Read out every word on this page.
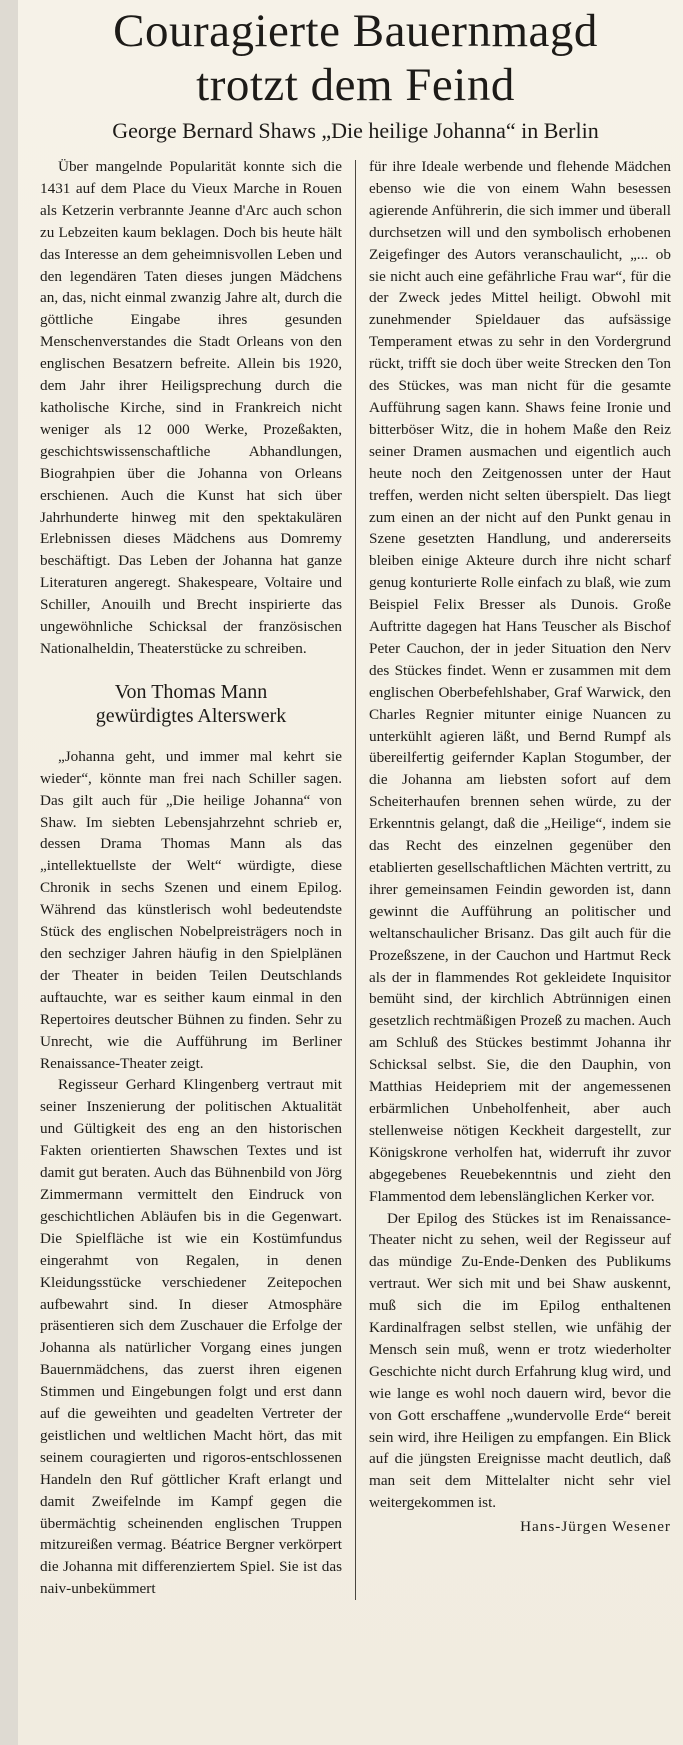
Couragierte Bauernmagd
trotzt dem Feind
George Bernard Shaws „Die heilige Johanna“ in Berlin

Über mangelnde Popularität konnte sich die 1431 auf dem Place du Vieux Marche in Rouen als Ketzerin verbrannte Jeanne d'Arc auch schon zu Lebzeiten kaum beklagen. Doch bis heute hält das Interesse an dem geheimnisvollen Leben und den legendären Taten dieses jungen Mädchens an, das, nicht einmal zwanzig Jahre alt, durch die göttliche Eingabe ihres gesunden Menschenverstandes die Stadt Orleans von den englischen Besatzern befreite. Allein bis 1920, dem Jahr ihrer Heiligsprechung durch die katholische Kirche, sind in Frankreich nicht weniger als 12 000 Werke, Prozeßakten, geschichtswissenschaftliche Abhandlungen, Biograhpien über die Johanna von Orleans erschienen. Auch die Kunst hat sich über Jahrhunderte hinweg mit den spektakulären Erlebnissen dieses Mädchens aus Domremy beschäftigt. Das Leben der Johanna hat ganze Literaturen angeregt. Shakespeare, Voltaire und Schiller, Anouilh und Brecht inspirierte das ungewöhnliche Schicksal der französischen Nationalheldin, Theaterstücke zu schreiben.

Von Thomas Mann
gewürdigtes Alterswerk

„Johanna geht, und immer mal kehrt sie wieder“, könnte man frei nach Schiller sagen. Das gilt auch für „Die heilige Johanna“ von Shaw. Im siebten Lebensjahrzehnt schrieb er, dessen Drama Thomas Mann als das „intellektuellste der Welt“ würdigte, diese Chronik in sechs Szenen und einem Epilog. Während das künstlerisch wohl bedeutendste Stück des englischen Nobelpreisträgers noch in den sechziger Jahren häufig in den Spielplänen der Theater in beiden Teilen Deutschlands auftauchte, war es seither kaum einmal in den Repertoires deutscher Bühnen zu finden. Sehr zu Unrecht, wie die Aufführung im Berliner Renaissance-Theater zeigt.

Regisseur Gerhard Klingenberg vertraut mit seiner Inszenierung der politischen Aktualität und Gültigkeit des eng an den historischen Fakten orientierten Shawschen Textes und ist damit gut beraten. Auch das Bühnenbild von Jörg Zimmermann vermittelt den Eindruck von geschichtlichen Abläufen bis in die Gegenwart. Die Spielfläche ist wie ein Kostümfundus eingerahmt von Regalen, in denen Kleidungsstücke verschiedener Zeitepochen aufbewahrt sind. In dieser Atmosphäre präsentieren sich dem Zuschauer die Erfolge der Johanna als natürlicher Vorgang eines jungen Bauernmädchens, das zuerst ihren eigenen Stimmen und Eingebungen folgt und erst dann auf die geweihten und geadelten Vertreter der geistlichen und weltlichen Macht hört, das mit seinem couragierten und rigoros-entschlossenen Handeln den Ruf göttlicher Kraft erlangt und damit Zweifelnde im Kampf gegen die übermächtig scheinenden englischen Truppen mitzureißen vermag. Béatrice Bergner verkörpert die Johanna mit differenziertem Spiel. Sie ist das naiv-unbekümmert

für ihre Ideale werbende und flehende Mädchen ebenso wie die von einem Wahn besessen agierende Anführerin, die sich immer und überall durchsetzen will und den symbolisch erhobenen Zeigefinger des Autors veranschaulicht, „... ob sie nicht auch eine gefährliche Frau war“, für die der Zweck jedes Mittel heiligt. Obwohl mit zunehmender Spieldauer das aufsässige Temperament etwas zu sehr in den Vordergrund rückt, trifft sie doch über weite Strecken den Ton des Stückes, was man nicht für die gesamte Aufführung sagen kann. Shaws feine Ironie und bitterböser Witz, die in hohem Maße den Reiz seiner Dramen ausmachen und eigentlich auch heute noch den Zeitgenossen unter der Haut treffen, werden nicht selten überspielt. Das liegt zum einen an der nicht auf den Punkt genau in Szene gesetzten Handlung, und andererseits bleiben einige Akteure durch ihre nicht scharf genug konturierte Rolle einfach zu blaß, wie zum Beispiel Felix Bresser als Dunois. Große Auftritte dagegen hat Hans Teuscher als Bischof Peter Cauchon, der in jeder Situation den Nerv des Stückes findet. Wenn er zusammen mit dem englischen Oberbefehlshaber, Graf Warwick, den Charles Regnier mitunter einige Nuancen zu unterkühlt agieren läßt, und Bernd Rumpf als übereilfertig geifernder Kaplan Stogumber, der die Johanna am liebsten sofort auf dem Scheiterhaufen brennen sehen würde, zu der Erkenntnis gelangt, daß die „Heilige“, indem sie das Recht des einzelnen gegenüber den etablierten gesellschaftlichen Mächten vertritt, zu ihrer gemeinsamen Feindin geworden ist, dann gewinnt die Aufführung an politischer und weltanschaulicher Brisanz. Das gilt auch für die Prozeßszene, in der Cauchon und Hartmut Reck als der in flammendes Rot gekleidete Inquisitor bemüht sind, der kirchlich Abtrünnigen einen gesetzlich rechtmäßigen Prozeß zu machen. Auch am Schluß des Stückes bestimmt Johanna ihr Schicksal selbst. Sie, die den Dauphin, von Matthias Heidepriem mit der angemessenen erbärmlichen Unbeholfenheit, aber auch stellenweise nötigen Keckheit dargestellt, zur Königskrone verholfen hat, widerruft ihr zuvor abgegebenes Reuebekenntnis und zieht den Flammentod dem lebenslänglichen Kerker vor.

Der Epilog des Stückes ist im Renaissance-Theater nicht zu sehen, weil der Regisseur auf das mündige Zu-Ende-Denken des Publikums vertraut. Wer sich mit und bei Shaw auskennt, muß sich die im Epilog enthaltenen Kardinalfragen selbst stellen, wie unfähig der Mensch sein muß, wenn er trotz wiederholter Geschichte nicht durch Erfahrung klug wird, und wie lange es wohl noch dauern wird, bevor die von Gott erschaffene „wundervolle Erde“ bereit sein wird, ihre Heiligen zu empfangen. Ein Blick auf die jüngsten Ereignisse macht deutlich, daß man seit dem Mittelalter nicht sehr viel weitergekommen ist.

Hans-Jürgen Wesener
